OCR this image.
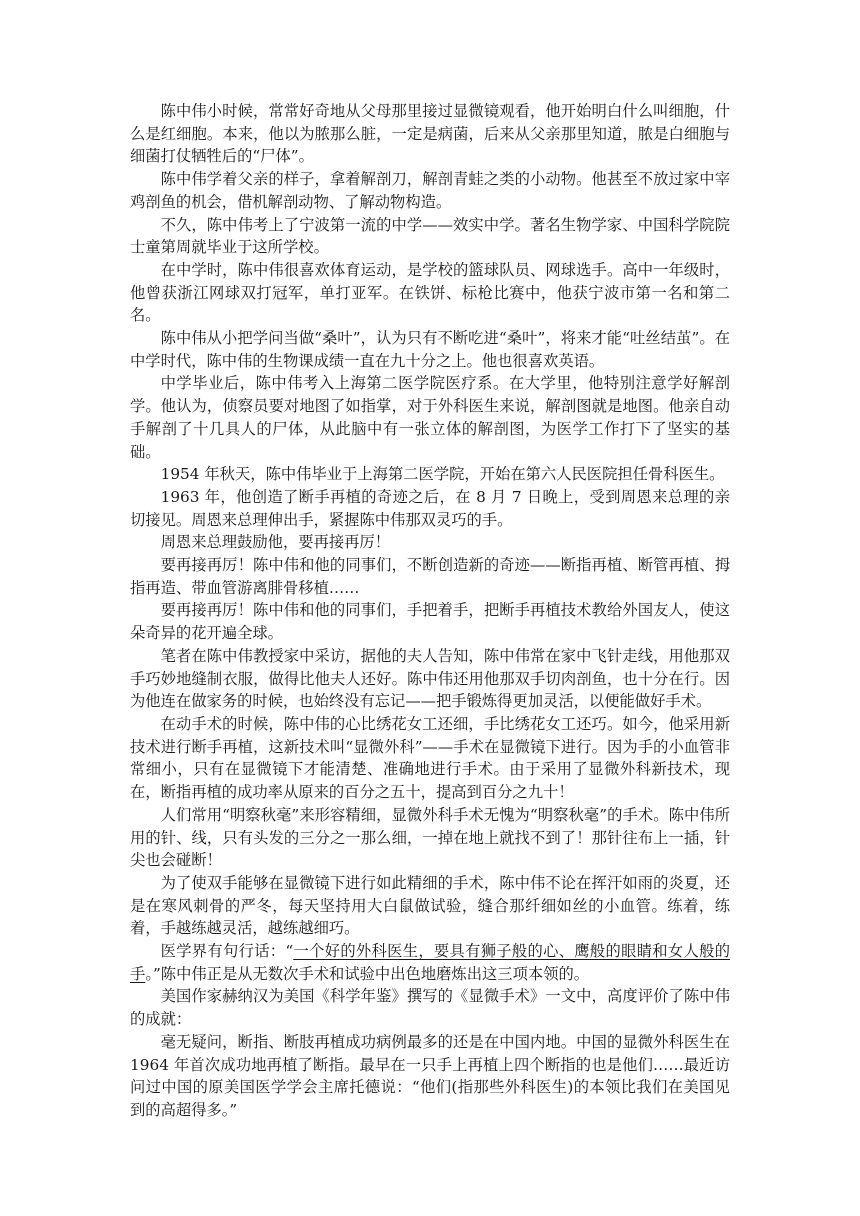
陈中伟小时候，常常好奇地从父母那里接过显微镜观看，他开始明白什么叫细胞，什么是红细胞。本来，他以为脓那么脏，一定是病菌，后来从父亲那里知道，脓是白细胞与细菌打仗牺牲后的“尸体”。

陈中伟学着父亲的样子，拿着解剖刀，解剖青蛙之类的小动物。他甚至不放过家中宰鸡剖鱼的机会，借机解剖动物、了解动物构造。

不久，陈中伟考上了宁波第一流的中学——效实中学。著名生物学家、中国科学院院士童第周就毕业于这所学校。

在中学时，陈中伟很喜欢体育运动，是学校的篮球队员、网球选手。高中一年级时，他曾获浙江网球双打冠军，单打亚军。在铁饼、标枪比赛中，他获宁波市第一名和第二名。

陈中伟从小把学问当做“桑叶”，认为只有不断吃进“桑叶”，将来才能“吐丝结茧”。在中学时代，陈中伟的生物课成绩一直在九十分之上。他也很喜欢英语。

中学毕业后，陈中伟考入上海第二医学院医疗系。在大学里，他特别注意学好解剖学。他认为，侦察员要对地图了如指掌，对于外科医生来说，解剖图就是地图。他亲自动手解剖了十几具人的尸体，从此脑中有一张立体的解剖图，为医学工作打下了坚实的基础。

1954 年秋天，陈中伟毕业于上海第二医学院，开始在第六人民医院担任骨科医生。

1963 年，他创造了断手再植的奇迹之后，在 8 月 7 日晚上，受到周恩来总理的亲切接见。周恩来总理伸出手，紧握陈中伟那双灵巧的手。

周恩来总理鼓励他，要再接再厉！

要再接再厉！陈中伟和他的同事们，不断创造新的奇迹——断指再植、断管再植、拇指再造、带血管游离腓骨移植……

要再接再厉！陈中伟和他的同事们，手把着手，把断手再植技术教给外国友人，使这朵奇异的花开遍全球。

笔者在陈中伟教授家中采访，据他的夫人告知，陈中伟常在家中飞针走线，用他那双手巧妙地缝制衣服，做得比他夫人还好。陈中伟还用他那双手切肉剖鱼，也十分在行。因为他连在做家务的时候，也始终没有忘记——把手锻炼得更加灵活，以便能做好手术。

在动手术的时候，陈中伟的心比绣花女工还细，手比绣花女工还巧。如今，他采用新技术进行断手再植，这新技术叫“显微外科”——手术在显微镜下进行。因为手的小血管非常细小，只有在显微镜下才能清楚、准确地进行手术。由于采用了显微外科新技术，现在，断指再植的成功率从原来的百分之五十，提高到百分之九十！

人们常用“明察秋毫”来形容精细，显微外科手术无愧为“明察秋毫”的手术。陈中伟所用的针、线，只有头发的三分之一那么细，一掉在地上就找不到了！那针往布上一插，针尖也会碰断！

为了使双手能够在显微镜下进行如此精细的手术，陈中伟不论在挥汗如雨的炎夏，还是在寒风刺骨的严冬，每天坚持用大白鼠做试验，缝合那纤细如丝的小血管。练着，练着，手越练越灵活，越练越细巧。

医学界有句行话：“一个好的外科医生，要具有狮子般的心、鹰般的眼睛和女人般的手。”陈中伟正是从无数次手术和试验中出色地磨炼出这三项本领的。

美国作家赫纳汉为美国《科学年鉴》撰写的《显微手术》一文中，高度评价了陈中伟的成就：

毫无疑问，断指、断肢再植成功病例最多的还是在中国内地。中国的显微外科医生在1964 年首次成功地再植了断指。最早在一只手上再植上四个断指的也是他们……最近访问过中国的原美国医学学会主席托德说：“他们(指那些外科医生)的本领比我们在美国见到的高超得多。”
